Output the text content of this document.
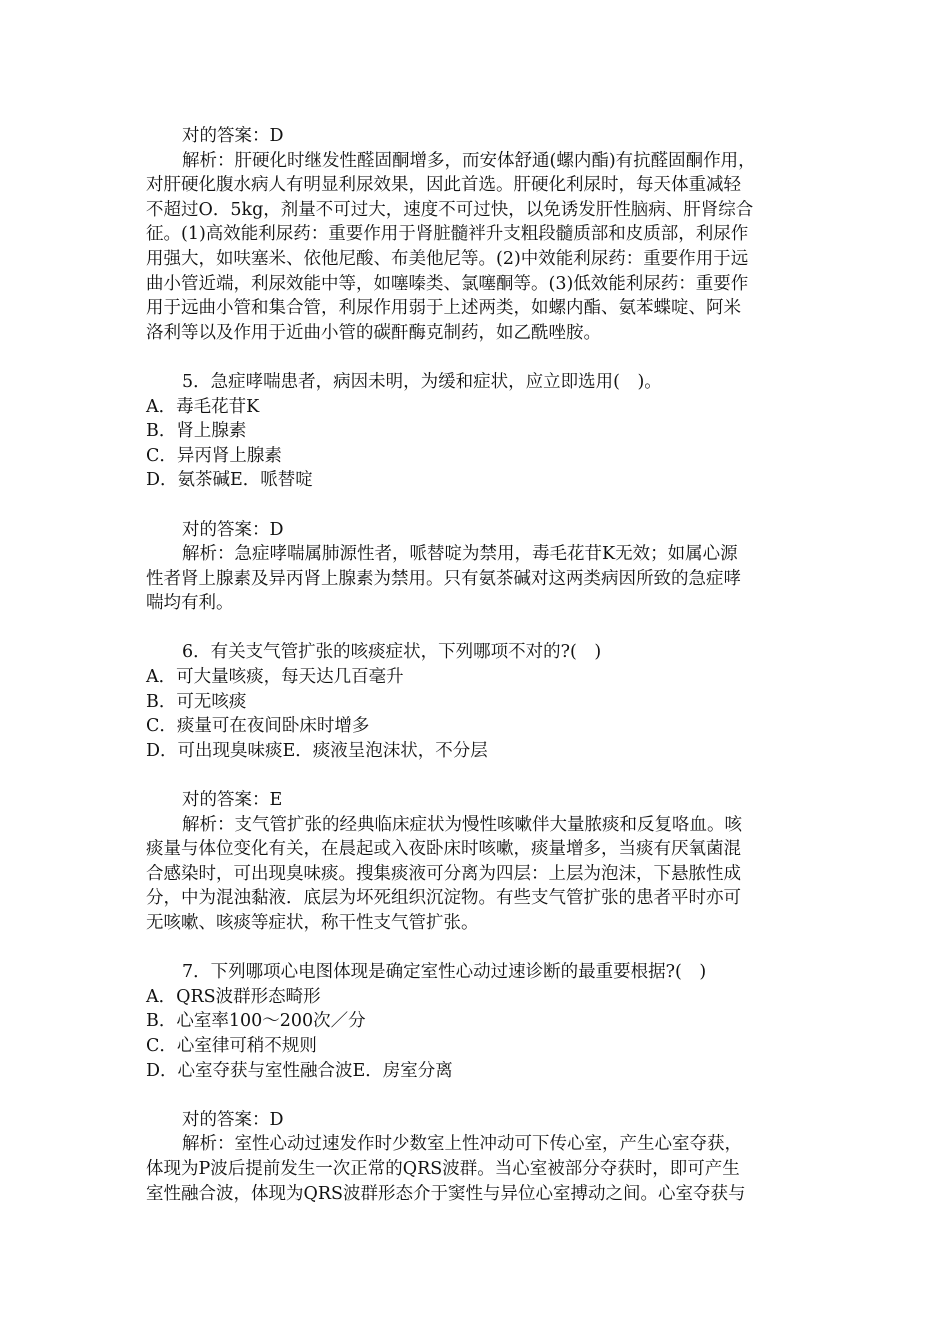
对的答案：D
解析：肝硬化时继发性醛固酮增多，而安体舒通(螺内酯)有抗醛固酮作用，
对肝硬化腹水病人有明显利尿效果，因此首选。肝硬化利尿时，每天体重减轻
不超过O．5kg，剂量不可过大，速度不可过快，以免诱发肝性脑病、肝肾综合
征。(1)高效能利尿药：重要作用于肾脏髓袢升支粗段髓质部和皮质部，利尿作
用强大，如呋塞米、依他尼酸、布美他尼等。(2)中效能利尿药：重要作用于远
曲小管近端，利尿效能中等，如噻嗪类、氯噻酮等。(3)低效能利尿药：重要作
用于远曲小管和集合管，利尿作用弱于上述两类，如螺内酯、氨苯蝶啶、阿米
洛利等以及作用于近曲小管的碳酐酶克制药，如乙酰唑胺。
5．急症哮喘患者，病因未明，为缓和症状，应立即选用(　)。
A．毒毛花苷K
B．肾上腺素
C．异丙肾上腺素
D．氨茶碱E．哌替啶
对的答案：D
解析：急症哮喘属肺源性者，哌替啶为禁用，毒毛花苷K无效；如属心源
性者肾上腺素及异丙肾上腺素为禁用。只有氨茶碱对这两类病因所致的急症哮
喘均有利。
6．有关支气管扩张的咳痰症状，下列哪项不对的?(　)
A．可大量咳痰，每天达几百毫升
B．可无咳痰
C．痰量可在夜间卧床时增多
D．可出现臭味痰E．痰液呈泡沫状，不分层
对的答案：E
解析：支气管扩张的经典临床症状为慢性咳嗽伴大量脓痰和反复咯血。咳
痰量与体位变化有关，在晨起或入夜卧床时咳嗽，痰量增多，当痰有厌氧菌混
合感染时，可出现臭味痰。搜集痰液可分离为四层：上层为泡沫，下悬脓性成
分，中为混浊黏液．底层为坏死组织沉淀物。有些支气管扩张的患者平时亦可
无咳嗽、咳痰等症状，称干性支气管扩张。
7．下列哪项心电图体现是确定室性心动过速诊断的最重要根据?(　)
A．QRS波群形态畸形
B．心室率100～200次／分
C．心室律可稍不规则
D．心室夺获与室性融合波E．房室分离
对的答案：D
解析：室性心动过速发作时少数室上性冲动可下传心室，产生心室夺获，
体现为P波后提前发生一次正常的QRS波群。当心室被部分夺获时，即可产生
室性融合波，体现为QRS波群形态介于窦性与异位心室搏动之间。心室夺获与
